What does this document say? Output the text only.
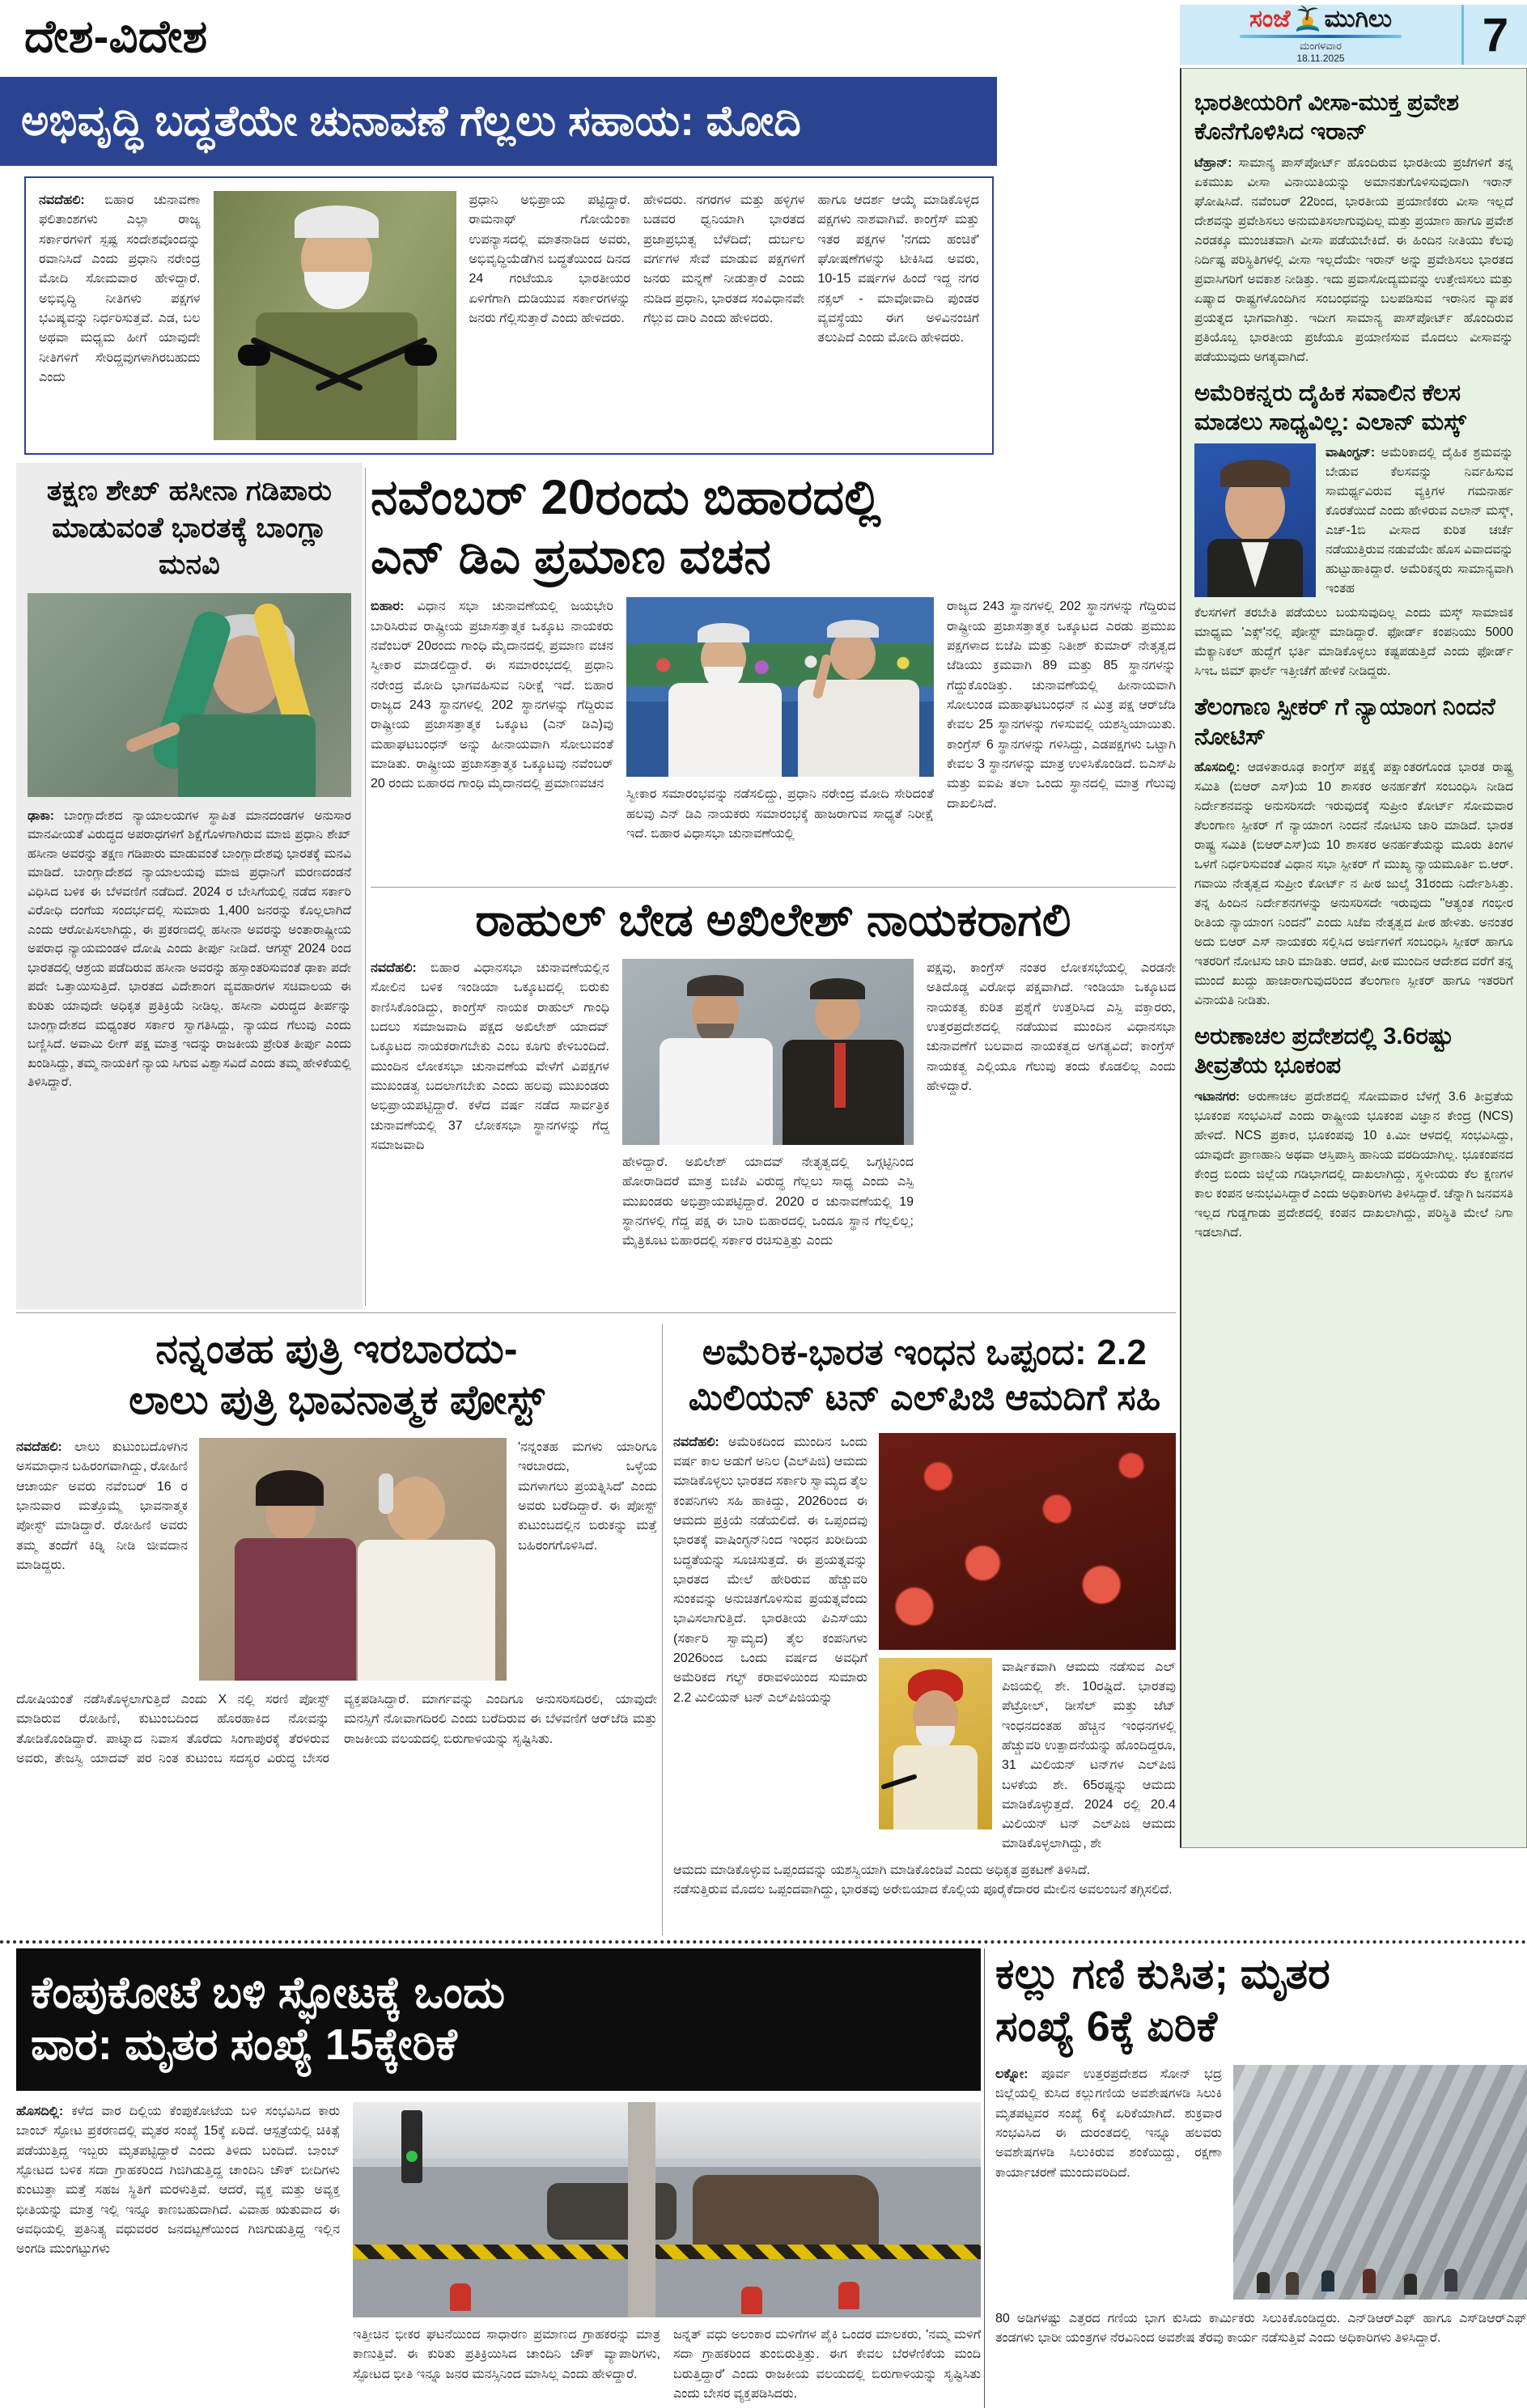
ದೇಶ-ವಿದೇಶ	ಸಂಜೆ ಮುಗಿಲು
ಮಂಗಳವಾರ
18.11.2025	7
ಅಭಿವೃದ್ಧಿ ಬದ್ಧತೆಯೇ ಚುನಾವಣೆ ಗೆಲ್ಲಲು ಸಹಾಯ: ಮೋದಿ
ನವದೆಹಲಿ: ಬಿಹಾರ ಚುನಾವಣಾ ಫಲಿತಾಂಶಗಳು ಎಲ್ಲಾ ರಾಜ್ಯ ಸರ್ಕಾರಗಳಿಗೆ ಸ್ಪಷ್ಟ ಸಂದೇಶವೊಂದನ್ನು ರವಾನಿಸಿದೆ ಎಂದು ಪ್ರಧಾನಿ ನರೇಂದ್ರ ಮೋದಿ ಸೋಮವಾರ ಹೇಳಿದ್ದಾರೆ. ಅಭಿವೃದ್ಧಿ ನೀತಿಗಳು ಪಕ್ಷಗಳ ಭವಿಷ್ಯವನ್ನು ನಿರ್ಧರಿಸುತ್ತವೆ. ಎಡ, ಬಲ ಅಥವಾ ಮಧ್ಯಮ ಹೀಗೆ ಯಾವುದೇ ನೀತಿಗಳಿಗೆ ಸೇರಿದ್ದವುಗಳಾಗಿರಬಹುದು ಎಂದು
ಪ್ರಧಾನಿ ಅಭಿಪ್ರಾಯ ಪಟ್ಟಿದ್ದಾರೆ. ರಾಮನಾಥ್ ಗೋಯೆಂಕಾ ಉಪನ್ಯಾಸದಲ್ಲಿ ಮಾತನಾಡಿದ ಅವರು, ಅಭಿವೃದ್ಧಿಯೆಡೆಗಿನ ಬದ್ಧತೆಯಿಂದ ದಿನದ 24 ಗಂಟೆಯೂ ಭಾರತೀಯರ ಏಳಿಗೆಗಾಗಿ ದುಡಿಯುವ ಸರ್ಕಾರಗಳನ್ನು ಜನರು ಗೆಲ್ಲಿಸುತ್ತಾರೆ ಎಂದು ಹೇಳಿದರು.
ಹೇಳಿದರು. ನಗರಗಳ ಮತ್ತು ಹಳ್ಳಿಗಳ ಬಡವರ ಧ್ವನಿಯಾಗಿ ಭಾರತದ ಪ್ರಜಾಪ್ರಭುತ್ವ ಬೆಳೆದಿದೆ; ದುರ್ಬಲ ವರ್ಗಗಳ ಸೇವೆ ಮಾಡುವ ಪಕ್ಷಗಳಿಗೆ ಜನರು ಮನ್ನಣೆ ನೀಡುತ್ತಾರೆ ಎಂದು ನುಡಿದ ಪ್ರಧಾನಿ, ಭಾರತದ ಸಂವಿಧಾನವೇ ಗೆಲ್ಲುವ ದಾರಿ ಎಂದು ಹೇಳಿದರು.
ಹಾಗೂ ಆದರ್ಶ ಆಯ್ಕೆ ಮಾಡಿಕೊಳ್ಳದ ಪಕ್ಷಗಳು ನಾಶವಾಗಿವೆ. ಕಾಂಗ್ರೆಸ್ ಮತ್ತು ಇತರ ಪಕ್ಷಗಳ 'ನಗದು ಹಂಚಿಕೆ' ಘೋಷಣೆಗಳನ್ನು ಟೀಕಿಸಿದ ಅವರು, 10-15 ವರ್ಷಗಳ ಹಿಂದೆ ಇದ್ದ ನಗರ ನಕ್ಸಲ್ - ಮಾವೋವಾದಿ ಪುಂಡರ ವ್ಯವಸ್ಥೆಯು ಈಗ ಅಳಿವಿನಂಚಿಗೆ ತಲುಪಿದೆ ಎಂದು ಮೋದಿ ಹೇಳಿದರು.
ಭಾರತೀಯರಿಗೆ ವೀಸಾ-ಮುಕ್ತ ಪ್ರವೇಶ ಕೊನೆಗೊಳಿಸಿದ ಇರಾನ್
ಟೆಹ್ರಾನ್: ಸಾಮಾನ್ಯ ಪಾಸ್‌ಪೋರ್ಟ್ ಹೊಂದಿರುವ ಭಾರತೀಯ ಪ್ರಜೆಗಳಿಗೆ ತನ್ನ ಏಕಮುಖ ವೀಸಾ ವಿನಾಯಿತಿಯನ್ನು ಅಮಾನತುಗೊಳಿಸುವುದಾಗಿ ಇರಾನ್ ಘೋಷಿಸಿದೆ. ನವೆಂಬರ್ 22ರಿಂದ, ಭಾರತೀಯ ಪ್ರಯಾಣಿಕರು ವೀಸಾ ಇಲ್ಲದೆ ದೇಶವನ್ನು ಪ್ರವೇಶಿಸಲು ಅನುಮತಿಸಲಾಗುವುದಿಲ್ಲ ಮತ್ತು ಪ್ರಯಾಣ ಹಾಗೂ ಪ್ರವೇಶ ಎರಡಕ್ಕೂ ಮುಂಚಿತವಾಗಿ ವೀಸಾ ಪಡೆಯಬೇಕಿದೆ. ಈ ಹಿಂದಿನ ನೀತಿಯು ಕೆಲವು ನಿರ್ದಿಷ್ಟ ಪರಿಸ್ಥಿತಿಗಳಲ್ಲಿ ವೀಸಾ ಇಲ್ಲದೆಯೇ ಇರಾನ್ ಅನ್ನು ಪ್ರವೇಶಿಸಲು ಭಾರತದ ಪ್ರವಾಸಿಗರಿಗೆ ಅವಕಾಶ ನೀಡಿತ್ತು. ಇದು ಪ್ರವಾಸೋದ್ಯಮವನ್ನು ಉತ್ತೇಜಿಸಲು ಮತ್ತು ಏಷ್ಯಾದ ರಾಷ್ಟ್ರಗಳೊಂದಿಗಿನ ಸಂಬಂಧವನ್ನು ಬಲಪಡಿಸುವ ಇರಾನಿನ ವ್ಯಾಪಕ ಪ್ರಯತ್ನದ ಭಾಗವಾಗಿತ್ತು. ಇದೀಗ ಸಾಮಾನ್ಯ ಪಾಸ್‌ಪೋರ್ಟ್ ಹೊಂದಿರುವ ಪ್ರತಿಯೊಬ್ಬ ಭಾರತೀಯ ಪ್ರಜೆಯೂ ಪ್ರಯಾಣಿಸುವ ಮೊದಲು ವೀಸಾವನ್ನು ಪಡೆಯುವುದು ಅಗತ್ಯವಾಗಿದೆ.
ಅಮೆರಿಕನ್ನರು ದೈಹಿಕ ಸವಾಲಿನ ಕೆಲಸ ಮಾಡಲು ಸಾಧ್ಯವಿಲ್ಲ: ಎಲಾನ್ ಮಸ್ಕ್
ವಾಷಿಂಗ್ಟನ್: ಅಮೆರಿಕಾದಲ್ಲಿ ದೈಹಿಕ ಶ್ರಮವನ್ನು ಬೇಡುವ ಕೆಲಸವನ್ನು ನಿರ್ವಹಿಸುವ ಸಾಮರ್ಥ್ಯವಿರುವ ವ್ಯಕ್ತಿಗಳ ಗಮನಾರ್ಹ ಕೊರತೆಯಿದೆ ಎಂದು ಹೇಳಿರುವ ಎಲಾನ್ ಮಸ್ಕ್, ಎಚ್-1ಬಿ ವೀಸಾದ ಕುರಿತ ಚರ್ಚೆ ನಡೆಯುತ್ತಿರುವ ನಡುವೆಯೇ ಹೊಸ ವಿವಾದವನ್ನು ಹುಟ್ಟುಹಾಕಿದ್ದಾರೆ. ಅಮೆರಿಕನ್ನರು ಸಾಮಾನ್ಯವಾಗಿ ಇಂತಹ
ಕೆಲಸಗಳಿಗೆ ತರಬೇತಿ ಪಡೆಯಲು ಬಯಸುವುದಿಲ್ಲ ಎಂದು ಮಸ್ಕ್ ಸಾಮಾಜಿಕ ಮಾಧ್ಯಮ 'ಎಕ್ಸ್'ನಲ್ಲಿ ಪೋಸ್ಟ್ ಮಾಡಿದ್ದಾರೆ. ಫೋರ್ಡ್ ಕಂಪನಿಯು 5000 ಮೆಕ್ಯಾನಿಕಲ್ ಹುದ್ದೆಗೆ ಭರ್ತಿ ಮಾಡಿಕೊಳ್ಳಲು ಕಷ್ಟಪಡುತ್ತಿದೆ ಎಂದು ಫೋರ್ಡ್ ಸಿಇಒ ಜಿಮ್ ಫಾರ್ಲೆ ಇತ್ತೀಚೆಗೆ ಹೇಳಿಕೆ ನೀಡಿದ್ದರು.
ತೆಲಂಗಾಣ ಸ್ಪೀಕರ್ ಗೆ ನ್ಯಾಯಾಂಗ ನಿಂದನೆ ನೋಟಿಸ್
ಹೊಸದಿಲ್ಲಿ: ಆಡಳಿತಾರೂಢ ಕಾಂಗ್ರೆಸ್ ಪಕ್ಷಕ್ಕೆ ಪಕ್ಷಾಂತರಗೊಂಡ ಭಾರತ ರಾಷ್ಟ್ರ ಸಮಿತಿ (ಬಿಆರ್ ಎಸ್)ಯ 10 ಶಾಸಕರ ಅನರ್ಹತೆಗೆ ಸಂಬಂಧಿಸಿ ನೀಡಿದ ನಿರ್ದೇಶನವನ್ನು ಅನುಸರಿಸದೇ ಇರುವುದಕ್ಕೆ ಸುಪ್ರೀಂ ಕೋರ್ಟ್ ಸೋಮವಾರ ತೆಲಂಗಾಣ ಸ್ಪೀಕರ್ ಗೆ ನ್ಯಾಯಾಂಗ ನಿಂದನೆ ನೋಟಿಸು ಜಾರಿ ಮಾಡಿದೆ. ಭಾರತ ರಾಷ್ಟ್ರ ಸಮಿತಿ (ಬಿಆರ್‌ಎಸ್)ಯ 10 ಶಾಸಕರ ಅನರ್ಹತೆಯನ್ನು ಮೂರು ತಿಂಗಳ ಒಳಗೆ ನಿರ್ಧರಿಸುವಂತೆ ವಿಧಾನ ಸಭಾ ಸ್ಪೀಕರ್ ಗೆ ಮುಖ್ಯ ನ್ಯಾಯಮೂರ್ತಿ ಬಿ.ಆರ್. ಗವಾಯಿ ನೇತೃತ್ವದ ಸುಪ್ರೀಂ ಕೋರ್ಟ್ ನ ಪೀಠ ಜುಲೈ 31ರಂದು ನಿರ್ದೇಶಿಸಿತ್ತು. ತನ್ನ ಹಿಂದಿನ ನಿರ್ದೇಶನಗಳನ್ನು ಅನುಸರಿಸದೇ ಇರುವುದು ''ಆತ್ಯಂತ ಗಂಭೀರ ರೀತಿಯ ನ್ಯಾಯಾಂಗ ನಿಂದನೆ'' ಎಂದು ಸಿಜೆಐ ನೇತೃತ್ವದ ಪೀಠ ಹೇಳಿತು. ಅನಂತರ ಅದು ಬಿಆರ್ ಎಸ್ ನಾಯಕರು ಸಲ್ಲಿಸಿದ ಅರ್ಜಿಗಳಿಗೆ ಸಂಬಂಧಿಸಿ ಸ್ಪೀಕರ್ ಹಾಗೂ ಇತರರಿಗೆ ನೋಟಿಸು ಜಾರಿ ಮಾಡಿತು. ಆದರೆ, ಪೀಠ ಮುಂದಿನ ಆದೇಶದ ವರೆಗೆ ತನ್ನ ಮುಂದೆ ಖುದ್ದು ಹಾಜಾರಾಗುವುದರಿಂದ ತೆಲಂಗಾಣ ಸ್ಪೀಕರ್ ಹಾಗೂ ಇತರರಿಗೆ ವಿನಾಯತಿ ನೀಡಿತು.
ಅರುಣಾಚಲ ಪ್ರದೇಶದಲ್ಲಿ 3.6ರಷ್ಟು ತೀವ್ರತೆಯ ಭೂಕಂಪ
ಇಟಾನಗರ: ಅರುಣಾಚಲ ಪ್ರದೇಶದಲ್ಲಿ ಸೋಮವಾರ ಬೆಳಗ್ಗೆ 3.6 ತೀವ್ರತೆಯ ಭೂಕಂಪ ಸಂಭವಿಸಿದೆ ಎಂದು ರಾಷ್ಟ್ರೀಯ ಭೂಕಂಪ ವಿಜ್ಞಾನ ಕೇಂದ್ರ (NCS) ಹೇಳಿದೆ. NCS ಪ್ರಕಾರ, ಭೂಕಂಪವು 10 ಕಿ.ಮೀ ಆಳದಲ್ಲಿ ಸಂಭವಿಸಿದ್ದು, ಯಾವುದೇ ಪ್ರಾಣಹಾನಿ ಅಥವಾ ಆಸ್ತಿಪಾಸ್ತಿ ಹಾನಿಯ ವರದಿಯಾಗಿಲ್ಲ. ಭೂಕಂಪನದ ಕೇಂದ್ರ ಬಿಂದು ಜಿಲ್ಲೆಯ ಗಡಿಭಾಗದಲ್ಲಿ ದಾಖಲಾಗಿದ್ದು, ಸ್ಥಳೀಯರು ಕೆಲ ಕ್ಷಣಗಳ ಕಾಲ ಕಂಪನ ಅನುಭವಿಸಿದ್ದಾರೆ ಎಂದು ಅಧಿಕಾರಿಗಳು ತಿಳಿಸಿದ್ದಾರೆ. ಚೆನ್ನಾಗಿ ಜನವಸತಿ ಇಲ್ಲದ ಗುಡ್ಡಗಾಡು ಪ್ರದೇಶದಲ್ಲಿ ಕಂಪನ ದಾಖಲಾಗಿದ್ದು, ಪರಿಸ್ಥಿತಿ ಮೇಲೆ ನಿಗಾ ಇಡಲಾಗಿದೆ.
ತಕ್ಷಣ ಶೇಖ್ ಹಸೀನಾ ಗಡಿಪಾರು ಮಾಡುವಂತೆ ಭಾರತಕ್ಕೆ ಬಾಂಗ್ಲಾ ಮನವಿ
ಢಾಕಾ: ಬಾಂಗ್ಲಾದೇಶದ ನ್ಯಾಯಾಲಯಗಳ ಸ್ಥಾಪಿತ ಮಾನದಂಡಗಳ ಅನುಸಾರ ಮಾನವೀಯತೆ ವಿರುದ್ಧದ ಅಪರಾಧಗಳಿಗೆ ಶಿಕ್ಷೆಗೊಳಗಾಗಿರುವ ಮಾಜಿ ಪ್ರಧಾನಿ ಶೇಖ್ ಹಸೀನಾ ಅವರನ್ನು ತಕ್ಷಣ ಗಡಿಪಾರು ಮಾಡುವಂತೆ ಬಾಂಗ್ಲಾದೇಶವು ಭಾರತಕ್ಕೆ ಮನವಿ ಮಾಡಿದೆ. ಬಾಂಗ್ಲಾದೇಶದ ನ್ಯಾಯಾಲಯವು ಮಾಜಿ ಪ್ರಧಾನಿಗೆ ಮರಣದಂಡನೆ ವಿಧಿಸಿದ ಬಳಿಕ ಈ ಬೆಳವಣಿಗೆ ನಡೆದಿದೆ. 2024 ರ ಬೇಸಿಗೆಯಲ್ಲಿ ನಡೆದ ಸರ್ಕಾರಿ ವಿರೋಧಿ ದಂಗೆಯ ಸಂದರ್ಭದಲ್ಲಿ ಸುಮಾರು 1,400 ಜನರನ್ನು ಕೊಲ್ಲಲಾಗಿದೆ ಎಂದು ಆರೋಪಿಸಲಾಗಿದ್ದು, ಈ ಪ್ರಕರಣದಲ್ಲಿ ಹಸೀನಾ ಅವರನ್ನು ಅಂತಾರಾಷ್ಟ್ರೀಯ ಅಪರಾಧ ನ್ಯಾಯಮಂಡಳಿ ದೋಷಿ ಎಂದು ತೀರ್ಪು ನೀಡಿದೆ. ಆಗಸ್ಟ್ 2024 ರಿಂದ ಭಾರತದಲ್ಲಿ ಆಶ್ರಯ ಪಡೆದಿರುವ ಹಸೀನಾ ಅವರನ್ನು ಹಸ್ತಾಂತರಿಸುವಂತೆ ಢಾಕಾ ಪದೇ ಪದೇ ಒತ್ತಾಯಿಸುತ್ತಿದೆ. ಭಾರತದ ವಿದೇಶಾಂಗ ವ್ಯವಹಾರಗಳ ಸಚಿವಾಲಯ ಈ ಕುರಿತು ಯಾವುದೇ ಅಧಿಕೃತ ಪ್ರತಿಕ್ರಿಯೆ ನೀಡಿಲ್ಲ. ಹಸೀನಾ ವಿರುದ್ಧದ ತೀರ್ಪನ್ನು ಬಾಂಗ್ಲಾದೇಶದ ಮಧ್ಯಂತರ ಸರ್ಕಾರ ಸ್ವಾಗತಿಸಿದ್ದು, ನ್ಯಾಯದ ಗೆಲುವು ಎಂದು ಬಣ್ಣಿಸಿದೆ. ಅವಾಮಿ ಲೀಗ್ ಪಕ್ಷ ಮಾತ್ರ ಇದನ್ನು ರಾಜಕೀಯ ಪ್ರೇರಿತ ತೀರ್ಪು ಎಂದು ಖಂಡಿಸಿದ್ದು, ತಮ್ಮ ನಾಯಕಿಗೆ ನ್ಯಾಯ ಸಿಗುವ ವಿಶ್ವಾಸವಿದೆ ಎಂದು ತಮ್ಮ ಹೇಳಿಕೆಯಲ್ಲಿ ತಿಳಿಸಿದ್ದಾರೆ.
ನವೆಂಬರ್ 20ರಂದು ಬಿಹಾರದಲ್ಲಿ
ಎನ್ ಡಿಎ ಪ್ರಮಾಣ ವಚನ
ಬಿಹಾರ: ವಿಧಾನ ಸಭಾ ಚುನಾವಣೆಯಲ್ಲಿ ಜಯಭೇರಿ ಬಾರಿಸಿರುವ ರಾಷ್ಟ್ರೀಯ ಪ್ರಜಾಸತ್ತಾತ್ಮಕ ಒಕ್ಕೂಟ ನಾಯಕರು ನವೆಂಬರ್ 20ರಂದು ಗಾಂಧಿ ಮೈದಾನದಲ್ಲಿ ಪ್ರಮಾಣ ವಚನ ಸ್ವೀಕಾರ ಮಾಡಲಿದ್ದಾರೆ. ಈ ಸಮಾರಂಭದಲ್ಲಿ ಪ್ರಧಾನಿ ನರೇಂದ್ರ ಮೋದಿ ಭಾಗವಹಿಸುವ ನಿರೀಕ್ಷೆ ಇದೆ. ಬಿಹಾರ ರಾಜ್ಯದ 243 ಸ್ಥಾನಗಳಲ್ಲಿ 202 ಸ್ಥಾನಗಳನ್ನು ಗೆದ್ದಿರುವ ರಾಷ್ಟ್ರೀಯ ಪ್ರಜಾಸತ್ತಾತ್ಮಕ ಒಕ್ಕೂಟ (ಎನ್ ಡಿಎ)ವು ಮಹಾಘಟಬಂಧನ್ ಅನ್ನು ಹೀನಾಯವಾಗಿ ಸೋಲುವಂತೆ ಮಾಡಿತು. ರಾಷ್ಟ್ರೀಯ ಪ್ರಜಾಸತ್ತಾತ್ಮಕ ಒಕ್ಕೂಟವು ನವೆಂಬರ್ 20 ರಂದು ಬಿಹಾರದ ಗಾಂಧಿ ಮೈದಾನದಲ್ಲಿ ಪ್ರಮಾಣವಚನ
ಸ್ವೀಕಾರ ಸಮಾರಂಭವನ್ನು ನಡೆಸಲಿದ್ದು, ಪ್ರಧಾನಿ ನರೇಂದ್ರ ಮೋದಿ ಸೇರಿದಂತೆ ಹಲವು ಎನ್ ಡಿಎ ನಾಯಕರು ಸಮಾರಂಭಕ್ಕೆ ಹಾಜರಾಗುವ ಸಾಧ್ಯತೆ ನಿರೀಕ್ಷೆ ಇದೆ. ಬಿಹಾರ ವಿಧಾಸಭಾ ಚುನಾವಣೆಯಲ್ಲಿ
ರಾಜ್ಯದ 243 ಸ್ಥಾನಗಳಲ್ಲಿ 202 ಸ್ಥಾನಗಳನ್ನು ಗೆದ್ದಿರುವ ರಾಷ್ಟ್ರೀಯ ಪ್ರಜಾಸತ್ತಾತ್ಮಕ ಒಕ್ಕೂಟದ ಎರಡು ಪ್ರಮುಖ ಪಕ್ಷಗಳಾದ ಬಿಜೆಪಿ ಮತ್ತು ನಿತೀಶ್ ಕುಮಾರ್ ನೇತೃತ್ವದ ಜೆಡಿಯು ಕ್ರಮವಾಗಿ 89 ಮತ್ತು 85 ಸ್ಥಾನಗಳನ್ನು ಗೆದ್ದುಕೊಂಡಿತ್ತು. ಚುನಾವಣೆಯಲ್ಲಿ ಹೀನಾಯವಾಗಿ ಸೋಲುಂಡ ಮಹಾಘಟಬಂಧನ್ ನ ಮಿತ್ರ ಪಕ್ಷ ಆರ್‌ಜೆಡಿ ಕೇವಲ 25 ಸ್ಥಾನಗಳನ್ನು ಗಳಿಸುವಲ್ಲಿ ಯಶಸ್ವಿಯಾಯಿತು. ಕಾಂಗ್ರೆಸ್ 6 ಸ್ಥಾನಗಳನ್ನು ಗಳಿಸಿದ್ದು, ಎಡಪಕ್ಷಗಳು ಒಟ್ಟಾಗಿ ಕೇವಲ 3 ಸ್ಥಾನಗಳನ್ನು ಮಾತ್ರ ಉಳಿಸಿಕೊಂಡಿದೆ. ಬಿಎಸ್‌ಪಿ ಮತ್ತು ಐಐಪಿ ತಲಾ ಒಂದು ಸ್ಥಾನದಲ್ಲಿ ಮಾತ್ರ ಗೆಲುವು ದಾಖಲಿಸಿದೆ.
ರಾಹುಲ್ ಬೇಡ ಅಖಿಲೇಶ್ ನಾಯಕರಾಗಲಿ
ನವದೆಹಲಿ: ಬಿಹಾರ ವಿಧಾನಸಭಾ ಚುನಾವಣೆಯಲ್ಲಿನ ಸೋಲಿನ ಬಳಿಕ ಇಂಡಿಯಾ ಒಕ್ಕೂಟದಲ್ಲಿ ಬಿರುಕು ಕಾಣಿಸಿಕೊಂಡಿದ್ದು, ಕಾಂಗ್ರೆಸ್ ನಾಯಕ ರಾಹುಲ್ ಗಾಂಧಿ ಬದಲು ಸಮಾಜವಾದಿ ಪಕ್ಷದ ಅಖಿಲೇಶ್ ಯಾದವ್ ಒಕ್ಕೂಟದ ನಾಯಕರಾಗಬೇಕು ಎಂಬ ಕೂಗು ಕೇಳಿಬಂದಿದೆ. ಮುಂದಿನ ಲೋಕಸಭಾ ಚುನಾವಣೆಯ ವೇಳೆಗೆ ವಿಪಕ್ಷಗಳ ಮುಖಂಡತ್ವ ಬದಲಾಗಬೇಕು ಎಂದು ಹಲವು ಮುಖಂಡರು ಅಭಿಪ್ರಾಯಪಟ್ಟಿದ್ದಾರೆ. ಕಳೆದ ವರ್ಷ ನಡೆದ ಸಾರ್ವತ್ರಿಕ ಚುನಾವಣೆಯಲ್ಲಿ 37 ಲೋಕಸಭಾ ಸ್ಥಾನಗಳನ್ನು ಗೆದ್ದ ಸಮಾಜವಾದಿ
ಹೇಳಿದ್ದಾರೆ. ಅಖಿಲೇಶ್ ಯಾದವ್ ನೇತೃತ್ವದಲ್ಲಿ ಒಗ್ಗಟ್ಟಿನಿಂದ ಹೋರಾಡಿದರೆ ಮಾತ್ರ ಬಿಜೆಪಿ ವಿರುದ್ಧ ಗೆಲ್ಲಲು ಸಾಧ್ಯ ಎಂದು ಎಸ್ಪಿ ಮುಖಂಡರು ಅಭಿಪ್ರಾಯಪಟ್ಟಿದ್ದಾರೆ. 2020 ರ ಚುನಾವಣೆಯಲ್ಲಿ 19 ಸ್ಥಾನಗಳಲ್ಲಿ ಗೆದ್ದ ಪಕ್ಷ ಈ ಬಾರಿ ಬಿಹಾರದಲ್ಲಿ ಒಂದೂ ಸ್ಥಾನ ಗೆಲ್ಲಲಿಲ್ಲ; ಮೈತ್ರಿಕೂಟ ಬಿಹಾರದಲ್ಲಿ ಸರ್ಕಾರ ರಚಿಸುತ್ತಿತ್ತು ಎಂದು
ಪಕ್ಷವು, ಕಾಂಗ್ರೆಸ್ ನಂತರ ಲೋಕಸಭೆಯಲ್ಲಿ ಎರಡನೇ ಅತಿದೊಡ್ಡ ವಿರೋಧ ಪಕ್ಷವಾಗಿದೆ. ಇಂಡಿಯಾ ಒಕ್ಕೂಟದ ನಾಯಕತ್ವ ಕುರಿತ ಪ್ರಶ್ನೆಗೆ ಉತ್ತರಿಸಿದ ಎಸ್ಪಿ ವಕ್ತಾರರು, ಉತ್ತರಪ್ರದೇಶದಲ್ಲಿ ನಡೆಯುವ ಮುಂದಿನ ವಿಧಾನಸಭಾ ಚುನಾವಣೆಗೆ ಬಲವಾದ ನಾಯಕತ್ವದ ಅಗತ್ಯವಿದೆ; ಕಾಂಗ್ರೆಸ್ ನಾಯಕತ್ವ ಎಲ್ಲಿಯೂ ಗೆಲುವು ತಂದು ಕೊಡಲಿಲ್ಲ ಎಂದು ಹೇಳಿದ್ದಾರೆ.
ನನ್ನಂತಹ ಪುತ್ರಿ ಇರಬಾರದು-
ಲಾಲು ಪುತ್ರಿ ಭಾವನಾತ್ಮಕ ಪೋಸ್ಟ್
ನವದೆಹಲಿ: ಲಾಲು ಕುಟುಂಬದೊಳಗಿನ ಅಸಮಾಧಾನ ಬಹಿರಂಗವಾಗಿದ್ದು, ರೋಹಿಣಿ ಆಚಾರ್ಯ ಅವರು ನವೆಂಬರ್ 16 ರ ಭಾನುವಾರ ಮತ್ತೊಮ್ಮೆ ಭಾವನಾತ್ಮಕ ಪೋಸ್ಟ್ ಮಾಡಿದ್ದಾರೆ. ರೋಹಿಣಿ ಅವರು ತಮ್ಮ ತಂದೆಗೆ ಕಿಡ್ನಿ ನೀಡಿ ಜೀವದಾನ ಮಾಡಿದ್ದರು.
'ನನ್ನಂತಹ ಮಗಳು ಯಾರಿಗೂ ಇರಬಾರದು, ಒಳ್ಳೆಯ ಮಗಳಾಗಲು ಪ್ರಯತ್ನಿಸಿದೆ' ಎಂದು ಅವರು ಬರೆದಿದ್ದಾರೆ. ಈ ಪೋಸ್ಟ್ ಕುಟುಂಬದಲ್ಲಿನ ಬಿರುಕನ್ನು ಮತ್ತೆ ಬಹಿರಂಗಗೊಳಿಸಿದೆ.
ದೋಷಿಯಂತೆ ನಡೆಸಿಕೊಳ್ಳಲಾಗುತ್ತಿದೆ ಎಂದು X ನಲ್ಲಿ ಸರಣಿ ಪೋಸ್ಟ್ ಮಾಡಿರುವ ರೋಹಿಣಿ, ಕುಟುಂಬದಿಂದ ಹೊರಹಾಕಿದ ನೋವನ್ನು ತೋಡಿಕೊಂಡಿದ್ದಾರೆ. ಪಾಟ್ನಾದ ನಿವಾಸ ತೊರೆದು ಸಿಂಗಾಪುರಕ್ಕೆ ತೆರಳಿರುವ ಅವರು, ತೇಜಸ್ವಿ ಯಾದವ್ ಪರ ನಿಂತ ಕುಟುಂಬ ಸದಸ್ಯರ ವಿರುದ್ಧ ಬೇಸರ ವ್ಯಕ್ತಪಡಿಸಿದ್ದಾರೆ. ಮಾರ್ಗವನ್ನು ಎಂದಿಗೂ ಅನುಸರಿಸದಿರಲಿ, ಯಾವುದೇ ಮನಸ್ಸಿಗೆ ನೋವಾಗದಿರಲಿ ಎಂದು ಬರೆದಿರುವ ಈ ಬೆಳವಣಿಗೆ ಆರ್‌ಜೆಡಿ ಮತ್ತು ರಾಜಕೀಯ ವಲಯದಲ್ಲಿ ಬಿರುಗಾಳಿಯನ್ನು ಸೃಷ್ಟಿಸಿತು.
ಅಮೆರಿಕ-ಭಾರತ ಇಂಧನ ಒಪ್ಪಂದ: 2.2
ಮಿಲಿಯನ್ ಟನ್ ಎಲ್‌ಪಿಜಿ ಆಮದಿಗೆ ಸಹಿ
ನವದೆಹಲಿ: ಅಮೆರಿಕದಿಂದ ಮುಂದಿನ ಒಂದು ವರ್ಷ ಕಾಲ ಅಡುಗೆ ಅನಿಲ (ಎಲ್‌ಪಿಜಿ) ಆಮದು ಮಾಡಿಕೊಳ್ಳಲು ಭಾರತದ ಸರ್ಕಾರಿ ಸ್ವಾಮ್ಯದ ತೈಲ ಕಂಪನಿಗಳು ಸಹಿ ಹಾಕಿದ್ದು, 2026ರಿಂದ ಈ ಆಮದು ಪ್ರಕ್ರಿಯೆ ನಡೆಯಲಿದೆ. ಈ ಒಪ್ಪಂದವು ಭಾರತಕ್ಕೆ ವಾಷಿಂಗ್ಟನ್‌ನಿಂದ ಇಂಧನ ಖರೀದಿಯ ಬದ್ಧತೆಯನ್ನು ಸೂಚಿಸುತ್ತದೆ. ಈ ಪ್ರಯತ್ನವನ್ನು ಭಾರತದ ಮೇಲೆ ಹೇರಿರುವ ಹೆಚ್ಚುವರಿ ಸುಂಕವನ್ನು ಅನುಚಿತಗೊಳಿಸುವ ಪ್ರಯತ್ನವೆಂದು ಭಾವಿಸಲಾಗುತ್ತಿದೆ. ಭಾರತೀಯ ಪಿಎಸ್‌ಯು (ಸರ್ಕಾರಿ ಸ್ವಾಮ್ಯದ) ತೈಲ ಕಂಪನಿಗಳು 2026ರಿಂದ ಒಂದು ವರ್ಷದ ಅವಧಿಗೆ ಅಮೆರಿಕದ ಗಲ್ಫ್ ಕರಾವಳಿಯಿಂದ ಸುಮಾರು 2.2 ಮಿಲಿಯನ್ ಟನ್ ಎಲ್‌ಪಿಜಿಯನ್ನು
ವಾರ್ಷಿಕವಾಗಿ ಆಮದು ನಡೆಸುವ ಎಲ್ ಪಿಜಿಯಲ್ಲಿ ಶೇ. 10ರಷ್ಟಿದೆ. ಭಾರತವು ಪೆಟ್ರೋಲ್, ಡೀಸೆಲ್ ಮತ್ತು ಜೆಟ್ ಇಂಧನದಂತಹ ಹೆಚ್ಚಿನ ಇಂಧನಗಳಲ್ಲಿ ಹೆಚ್ಚುವರಿ ಉತ್ಪಾದನೆಯನ್ನು ಹೊಂದಿದ್ದರೂ, 31 ಮಿಲಿಯನ್ ಟನ್‌ಗಳ ಎಲ್‌ಪಿಜಿ ಬಳಕೆಯ ಶೇ. 65ರಷ್ಟನ್ನು ಆಮದು ಮಾಡಿಕೊಳ್ಳುತ್ತದೆ. 2024 ರಲ್ಲಿ 20.4 ಮಿಲಿಯನ್ ಟನ್ ಎಲ್‌ಪಿಜಿ ಆಮದು ಮಾಡಿಕೊಳ್ಳಲಾಗಿದ್ದು, ಶೇ
ಆಮದು ಮಾಡಿಕೊಳ್ಳುವ ಒಪ್ಪಂದವನ್ನು ಯಶಸ್ವಿಯಾಗಿ ಮಾಡಿಕೊಂಡಿವೆ ಎಂದು ಅಧಿಕೃತ ಪ್ರಕಟಣೆ ತಿಳಿಸಿದೆ.
ನಡೆಸುತ್ತಿರುವ ಮೊದಲ ಒಪ್ಪಂದವಾಗಿದ್ದು, ಭಾರತವು ಅರೇಬಿಯಾದ ಕೊಲ್ಲಿಯ ಪೂರೈಕೆದಾರರ ಮೇಲಿನ ಅವಲಂಬನೆ ತಗ್ಗಿಸಲಿದೆ.
ಕೆಂಪುಕೋಟೆ ಬಳಿ ಸ್ಫೋಟಕ್ಕೆ ಒಂದು
ವಾರ: ಮೃತರ ಸಂಖ್ಯೆ 15ಕ್ಕೇರಿಕೆ
ಹೊಸದಿಲ್ಲಿ: ಕಳೆದ ವಾರ ದಿಲ್ಲಿಯ ಕೆಂಪುಕೋಟೆಯ ಬಳಿ ಸಂಭವಿಸಿದ ಕಾರು ಬಾಂಬ್ ಸ್ಫೋಟ ಪ್ರಕರಣದಲ್ಲಿ ಮೃತರ ಸಂಖ್ಯೆ 15ಕ್ಕೆ ಏರಿದೆ. ಆಸ್ಪತ್ರೆಯಲ್ಲಿ ಚಿಕಿತ್ಸೆ ಪಡೆಯುತ್ತಿದ್ದ ಇಬ್ಬರು ಮೃತಪಟ್ಟಿದ್ದಾರೆ ಎಂದು ತಿಳಿದು ಬಂದಿದೆ. ಬಾಂಬ್ ಸ್ಫೋಟದ ಬಳಿಕ ಸದಾ ಗ್ರಾಹಕರಿಂದ ಗಿಜಿಗಿಡುತ್ತಿದ್ದ ಚಾಂದಿನಿ ಚೌಕ್ ಬೀದಿಗಳು ಕುಂಟುತ್ತಾ ಮತ್ತೆ ಸಹಜ ಸ್ಥಿತಿಗೆ ಮರಳುತ್ತಿವೆ. ಆದರೆ, ವ್ಯಕ್ತ ಮತ್ತು ಅವ್ಯಕ್ತ ಭೀತಿಯನ್ನು ಮಾತ್ರ ಇಲ್ಲಿ ಇನ್ನೂ ಕಾಣಬಹುದಾಗಿದೆ. ವಿವಾಹ ಋತುವಾದ ಈ ಅವಧಿಯಲ್ಲಿ ಪ್ರತಿನಿತ್ಯ ವಧುವರರ ಜನದಟ್ಟಣೆಯಿಂದ ಗಿಜಿಗುಡುತ್ತಿದ್ದ ಇಲ್ಲಿನ ಅಂಗಡಿ ಮುಂಗಟ್ಟುಗಳು
ಇತ್ತೀಚಿನ ಭೀಕರ ಘಟನೆಯಿಂದ ಸಾಧಾರಣ ಪ್ರಮಾಣದ ಗ್ರಾಹಕರನ್ನು ಮಾತ್ರ ಕಾಣುತ್ತಿವೆ. ಈ ಕುರಿತು ಪ್ರತಿಕ್ರಿಯಿಸಿದ ಚಾಂದಿನಿ ಚೌಕ್ ವ್ಯಾಪಾರಿಗಳು, ಸ್ಫೋಟದ ಭೀತಿ ಇನ್ನೂ ಜನರ ಮನಸ್ಸಿನಿಂದ ಮಾಸಿಲ್ಲ ಎಂದು ಹೇಳಿದ್ದಾರೆ.
ಜನ್ನತ್ ವಧು ಅಲಂಕಾರ ಮಳಿಗೆಗಳ ಪೈಕಿ ಒಂದರ ಮಾಲಕರು, 'ನಮ್ಮ ಮಳಿಗೆ ಸದಾ ಗ್ರಾಹಕರಿಂದ ತುಂಬಿರುತ್ತಿತ್ತು. ಈಗ ಕೇವಲ ಬೆರಳೆಣಿಕೆಯ ಮಂದಿ ಬರುತ್ತಿದ್ದಾರೆ' ಎಂದು ರಾಜಕೀಯ ವಲಯದಲ್ಲಿ ಬಿರುಗಾಳಿಯನ್ನು ಸೃಷ್ಟಿಸಿತು ಎಂದು ಬೇಸರ ವ್ಯಕ್ತಪಡಿಸಿದರು.
ಕಲ್ಲು ಗಣಿ ಕುಸಿತ; ಮೃತರ
ಸಂಖ್ಯೆ 6ಕ್ಕೆ ಏರಿಕೆ
ಲಕ್ನೋ: ಪೂರ್ವ ಉತ್ತರಪ್ರದೇಶದ ಸೋನ್ ಭದ್ರ ಜಿಲ್ಲೆಯಲ್ಲಿ ಕುಸಿದ ಕಲ್ಲುಗಣಿಯ ಅವಶೇಷಗಳಡಿ ಸಿಲುಕಿ ಮೃತಪಟ್ಟವರ ಸಂಖ್ಯೆ 6ಕ್ಕೆ ಏರಿಕೆಯಾಗಿದೆ. ಶುಕ್ರವಾರ ಸಂಭವಿಸಿದ ಈ ದುರಂತದಲ್ಲಿ ಇನ್ನೂ ಹಲವರು ಅವಶೇಷಗಳಡಿ ಸಿಲುಕಿರುವ ಶಂಕೆಯಿದ್ದು, ರಕ್ಷಣಾ ಕಾರ್ಯಾಚರಣೆ ಮುಂದುವರಿದಿದೆ.
80 ಅಡಿಗಳಷ್ಟು ಎತ್ತರದ ಗಣಿಯ ಭಾಗ ಕುಸಿದು ಕಾರ್ಮಿಕರು ಸಿಲುಕಿಕೊಂಡಿದ್ದರು. ಎನ್‌ಡಿಆರ್‌ಎಫ್ ಹಾಗೂ ಎಸ್‌ಡಿಆರ್‌ಎಫ್ ತಂಡಗಳು ಭಾರೀ ಯಂತ್ರಗಳ ನೆರವಿನಿಂದ ಅವಶೇಷ ತೆರವು ಕಾರ್ಯ ನಡೆಸುತ್ತಿವೆ ಎಂದು ಅಧಿಕಾರಿಗಳು ತಿಳಿಸಿದ್ದಾರೆ.
